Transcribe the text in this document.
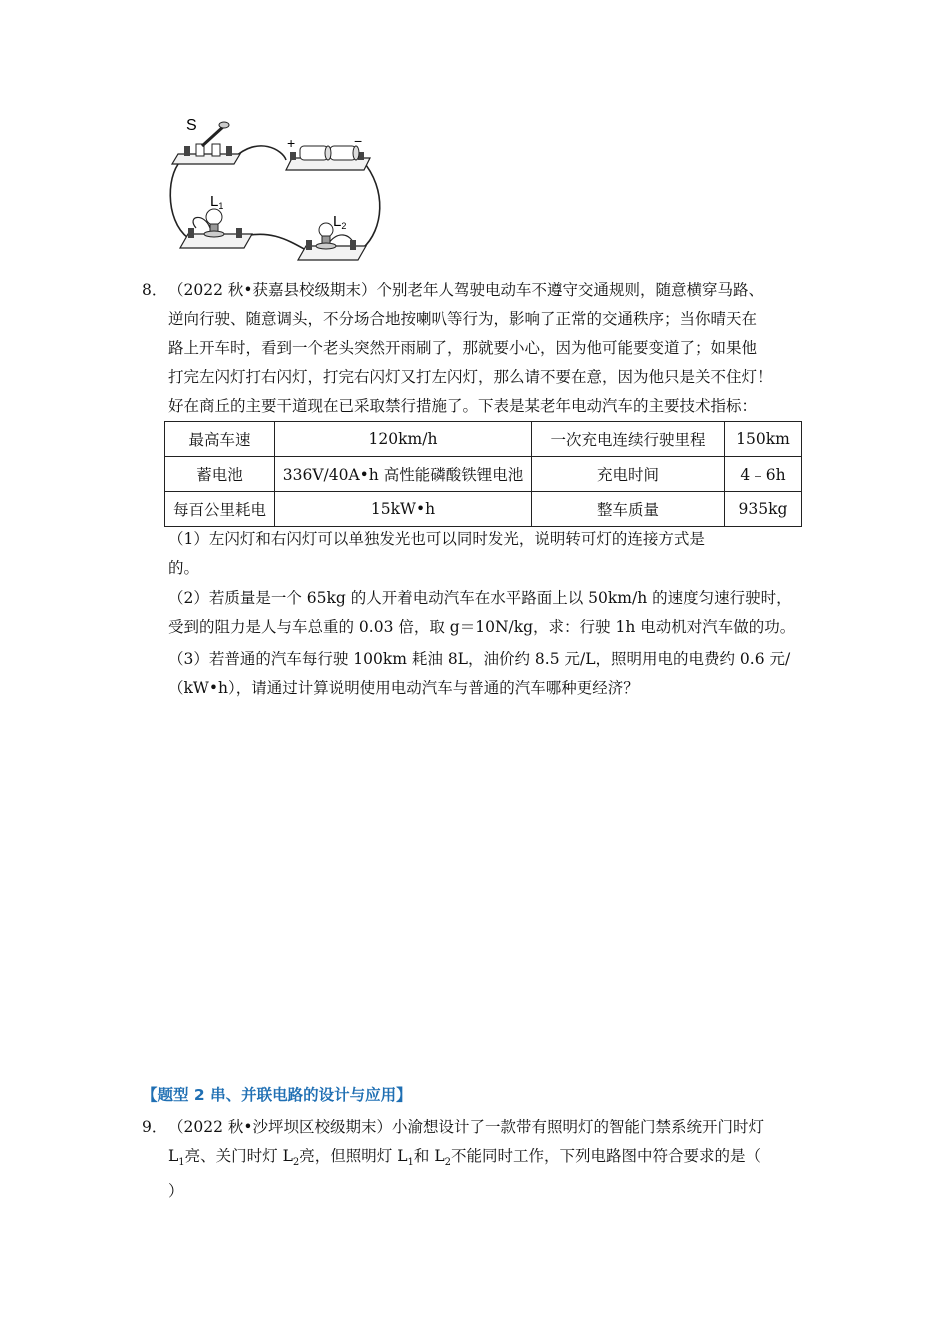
S
+	−
$L_1$
$L_2$
8． （2022 秋•获嘉县校级期末）个别老年人驾驶电动车不遵守交通规则，随意横穿马路、
逆向行驶、随意调头，不分场合地按喇叭等行为，影响了正常的交通秩序；当你晴天在
路上开车时，看到一个老头突然开雨刷了，那就要小心，因为他可能要变道了；如果他
打完左闪灯打右闪灯，打完右闪灯又打左闪灯，那么请不要在意，因为他只是关不住灯！
好在商丘的主要干道现在已采取禁行措施了。下表是某老年电动汽车的主要技术指标：
最高车速	120km/h	一次充电连续行驶里程	150km
蓄电池	336V/40A•h 高性能磷酸铁锂电池	充电时间	4﹣6h
每百公里耗电	15kW•h	整车质量	935kg
（1）左闪灯和右闪灯可以单独发光也可以同时发光，说明转可灯的连接方式是
的。
（2）若质量是一个 65kg 的人开着电动汽车在水平路面上以 50km/h 的速度匀速行驶时，
受到的阻力是人与车总重的 0.03 倍，取 g＝10N/kg，求：行驶 1h 电动机对汽车做的功。
（3）若普通的汽车每行驶 100km 耗油 8L，油价约 8.5 元/L，照明用电的电费约 0.6 元/
（kW•h），请通过计算说明使用电动汽车与普通的汽车哪种更经济？
【题型 2 串、并联电路的设计与应用】
9． （2022 秋•沙坪坝区校级期末）小渝想设计了一款带有照明灯的智能门禁系统开门时灯
$L_1$亮、关门时灯 $L_2$亮，但照明灯 $L_1$和 $L_2$不能同时工作，下列电路图中符合要求的是（
）
